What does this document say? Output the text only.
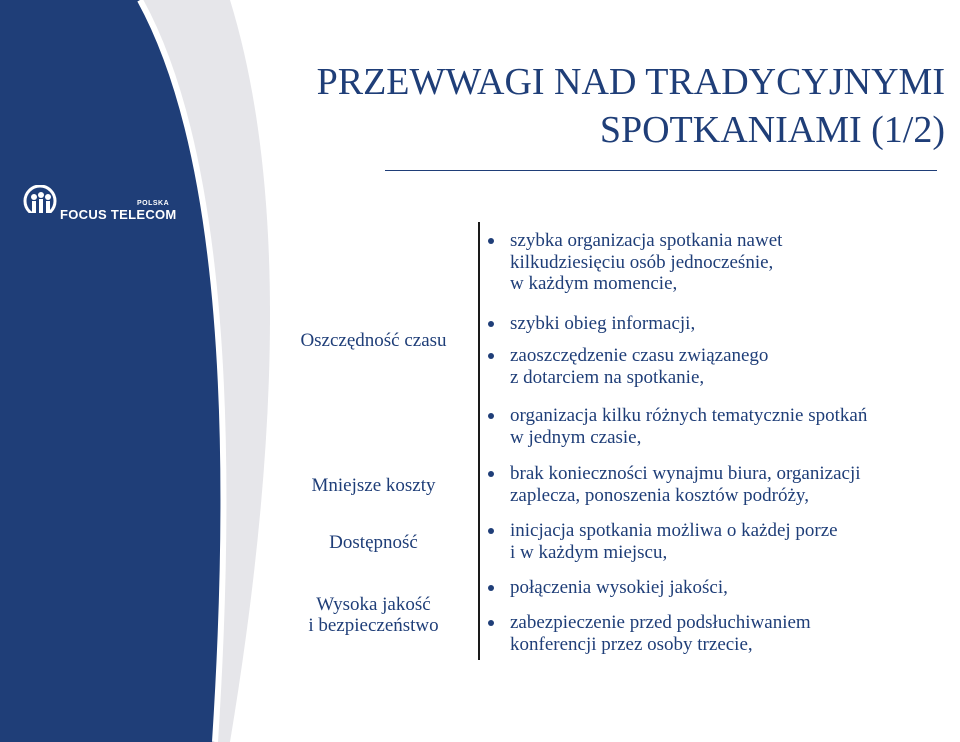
POLSKA
FOCUS TELECOM
PRZEWWAGI NAD TRADYCYJNYMI
SPOTKANIAMI (1/2)
Oszczędność czasu
Mniejsze koszty
Dostępność
Wysoka jakość
i bezpieczeństwo
szybka organizacja spotkania nawet
kilkudziesięciu osób jednocześnie,
w każdym momencie,
szybki obieg informacji,
zaoszczędzenie czasu związanego
z dotarciem na spotkanie,
organizacja kilku różnych tematycznie spotkań
w jednym czasie,
brak konieczności wynajmu biura, organizacji
zaplecza, ponoszenia kosztów podróży,
inicjacja spotkania możliwa o każdej porze
i w każdym miejscu,
połączenia wysokiej jakości,
zabezpieczenie przed podsłuchiwaniem
konferencji przez osoby trzecie,
